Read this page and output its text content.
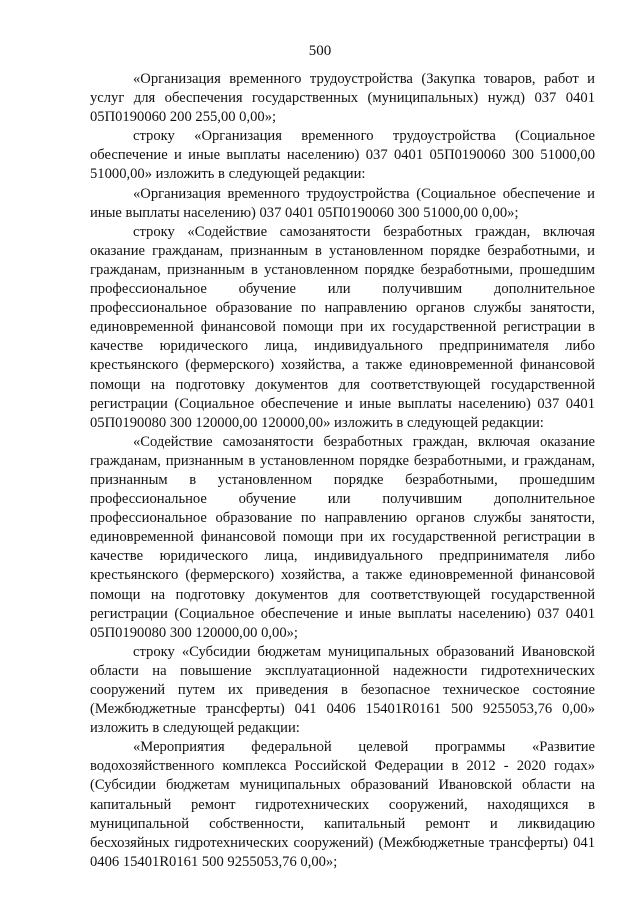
500

«Организация временного трудоустройства (Закупка товаров, работ и услуг для обеспечения государственных (муниципальных) нужд) 037 0401 05П0190060 200 255,00 0,00»;

строку «Организация временного трудоустройства (Социальное обеспечение и иные выплаты населению) 037 0401 05П0190060 300 51000,00 51000,00» изложить в следующей редакции:

«Организация временного трудоустройства (Социальное обеспечение и иные выплаты населению) 037 0401 05П0190060 300 51000,00 0,00»;

строку «Содействие самозанятости безработных граждан, включая оказание гражданам, признанным в установленном порядке безработными, и гражданам, признанным в установленном порядке безработными, прошедшим профессиональное обучение или получившим дополнительное профессиональное образование по направлению органов службы занятости, единовременной финансовой помощи при их государственной регистрации в качестве юридического лица, индивидуального предпринимателя либо крестьянского (фермерского) хозяйства, а также единовременной финансовой помощи на подготовку документов для соответствующей государственной регистрации (Социальное обеспечение и иные выплаты населению) 037 0401 05П0190080 300 120000,00 120000,00» изложить в следующей редакции:

«Содействие самозанятости безработных граждан, включая оказание гражданам, признанным в установленном порядке безработными, и гражданам, признанным в установленном порядке безработными, прошедшим профессиональное обучение или получившим дополнительное профессиональное образование по направлению органов службы занятости, единовременной финансовой помощи при их государственной регистрации в качестве юридического лица, индивидуального предпринимателя либо крестьянского (фермерского) хозяйства, а также единовременной финансовой помощи на подготовку документов для соответствующей государственной регистрации (Социальное обеспечение и иные выплаты населению) 037 0401 05П0190080 300 120000,00 0,00»;

строку «Субсидии бюджетам муниципальных образований Ивановской области на повышение эксплуатационной надежности гидротехнических сооружений путем их приведения в безопасное техническое состояние (Межбюджетные трансферты) 041 0406 15401R0161 500 9255053,76 0,00» изложить в следующей редакции:

«Мероприятия федеральной целевой программы «Развитие водохозяйственного комплекса Российской Федерации в 2012 - 2020 годах» (Субсидии бюджетам муниципальных образований Ивановской области на капитальный ремонт гидротехнических сооружений, находящихся в муниципальной собственности, капитальный ремонт и ликвидацию бесхозяйных гидротехнических сооружений) (Межбюджетные трансферты) 041 0406 15401R0161 500 9255053,76 0,00»;
